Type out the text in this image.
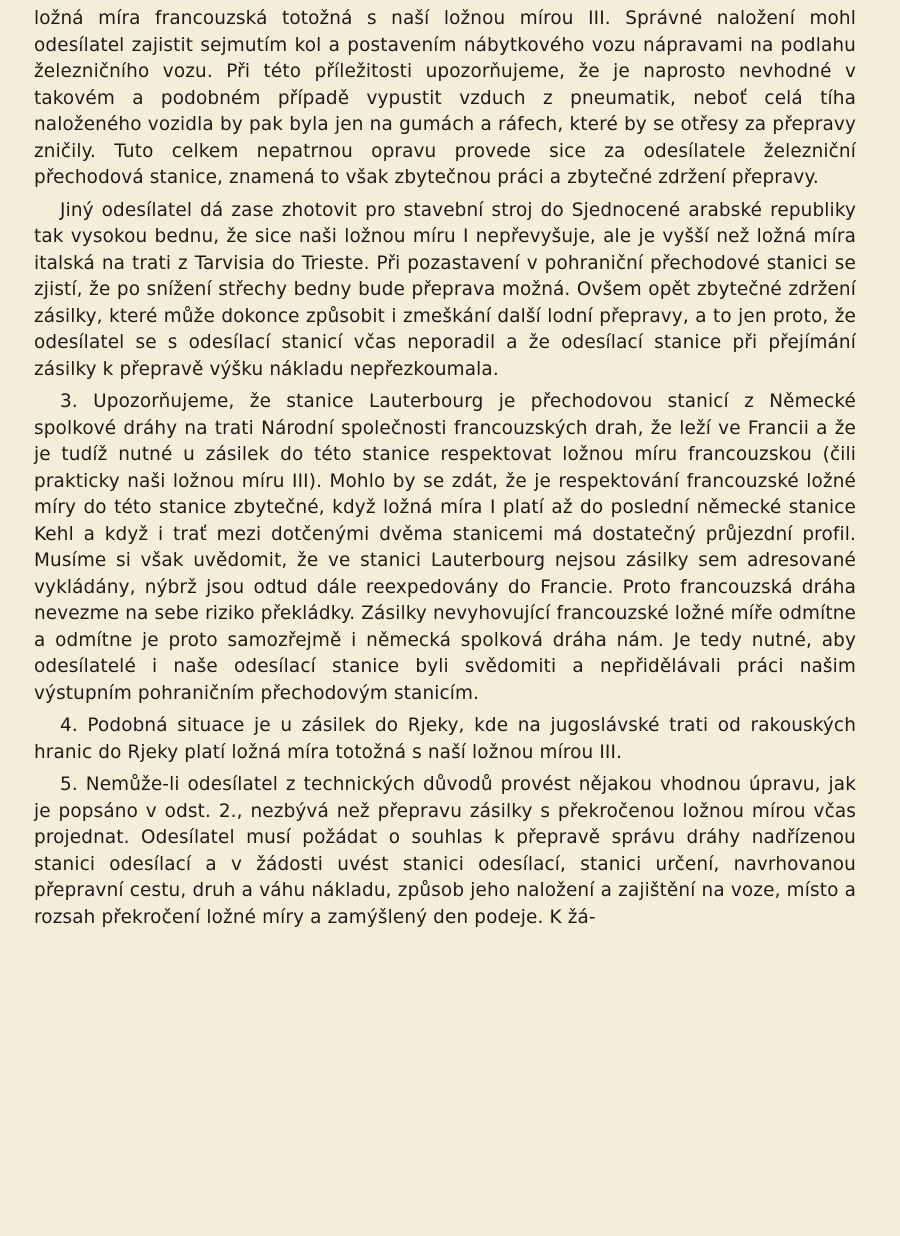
ložná míra francouzská totožná s naší ložnou mírou III. Správné naložení mohl odesílatel zajistit sejmutím kol a postavením nábytkového vozu nápravami na podlahu železničního vozu. Při této příležitosti upozorňujeme, že je naprosto nevhodné v takovém a podobném případě vypustit vzduch z pneumatik, neboť celá tíha naloženého vozidla by pak byla jen na gumách a ráfech, které by se otřesy za přepravy zničily. Tuto celkem nepatrnou opravu provede sice za odesílatele železniční přechodová stanice, znamená to však zbytečnou práci a zbytečné zdržení přepravy.

Jiný odesílatel dá zase zhotovit pro stavební stroj do Sjednocené arabské republiky tak vysokou bednu, že sice naši ložnou míru I nepřevyšuje, ale je vyšší než ložná míra italská na trati z Tarvisia do Trieste. Při pozastavení v pohraniční přechodové stanici se zjistí, že po snížení střechy bedny bude přeprava možná. Ovšem opět zbytečné zdržení zásilky, které může dokonce způsobit i zmeškání další lodní přepravy, a to jen proto, že odesílatel se s odesílací stanicí včas neporadil a že odesílací stanice při přejímání zásilky k přepravě výšku nákladu nepřezkoumala.

3. Upozorňujeme, že stanice Lauterbourg je přechodovou stanicí z Německé spolkové dráhy na trati Národní společnosti francouzských drah, že leží ve Francii a že je tudíž nutné u zásilek do této stanice respektovat ložnou míru francouzskou (čili prakticky naši ložnou míru III). Mohlo by se zdát, že je respektování francouzské ložné míry do této stanice zbytečné, když ložná míra I platí až do poslední německé stanice Kehl a když i trať mezi dotčenými dvěma stanicemi má dostatečný průjezdní profil. Musíme si však uvědomit, že ve stanici Lauterbourg nejsou zásilky sem adresované vykládány, nýbrž jsou odtud dále reexpedovány do Francie. Proto francouzská dráha nevezme na sebe riziko překládky. Zásilky nevyhovující francouzské ložné míře odmítne a odmítne je proto samozřejmě i německá spolková dráha nám. Je tedy nutné, aby odesílatelé i naše odesílací stanice byli svědomiti a nepřidělávali práci našim výstupním pohraničním přechodovým stanicím.

4. Podobná situace je u zásilek do Rjeky, kde na jugoslávské trati od rakouských hranic do Rjeky platí ložná míra totožná s naší ložnou mírou III.

5. Nemůže-li odesílatel z technických důvodů provést nějakou vhodnou úpravu, jak je popsáno v odst. 2., nezbývá než přepravu zásilky s překročenou ložnou mírou včas projednat. Odesílatel musí požádat o souhlas k přepravě správu dráhy nadřízenou stanici odesílací a v žádosti uvést stanici odesílací, stanici určení, navrhovanou přepravní cestu, druh a váhu nákladu, způsob jeho naložení a zajištění na voze, místo a rozsah překročení ložné míry a zamýšlený den podeje. K žá-
